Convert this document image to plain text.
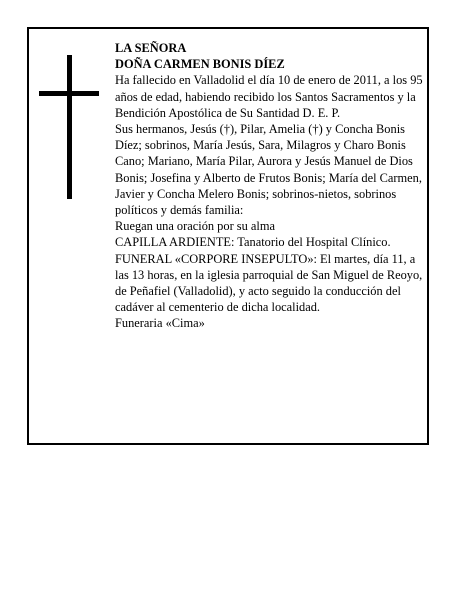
LA SEÑORA

DOÑA CARMEN BONIS DÍEZ

Ha fallecido en Valladolid el día 10 de enero de 2011, a los 95 años de edad, habiendo recibido los Santos Sacramentos y la Bendición Apostólica de Su Santidad D. E. P.

Sus hermanos, Jesús (†), Pilar, Amelia (†) y Concha Bonis Díez; sobrinos, María Jesús, Sara, Milagros y Charo Bonis Cano; Mariano, María Pilar, Aurora y Jesús Manuel de Dios Bonis; Josefina y Alberto de Frutos Bonis; María del Carmen, Javier y Concha Melero Bonis; sobrinos-nietos, sobrinos políticos y demás familia:

Ruegan una oración por su alma

CAPILLA ARDIENTE: Tanatorio del Hospital Clínico.

FUNERAL «CORPORE INSEPULTO»: El martes, día 11, a las 13 horas, en la iglesia parroquial de San Miguel de Reoyo, de Peñafiel (Valladolid), y acto seguido la conducción del cadáver al cementerio de dicha localidad.

Funeraria «Cima»
